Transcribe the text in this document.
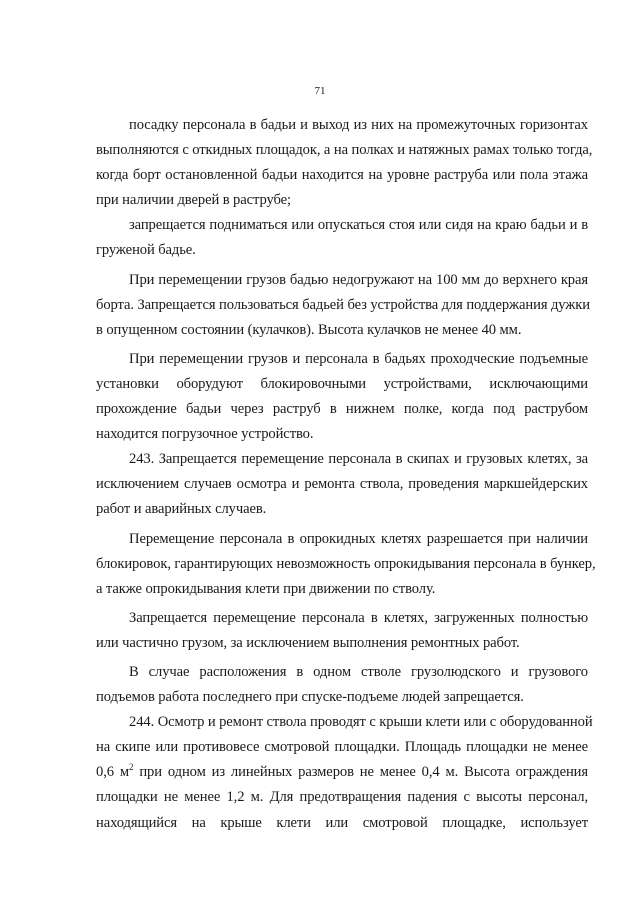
71
посадку персонала в бадьи и выход из них на промежуточных горизонтах
выполняются с откидных площадок, а на полках и натяжных рамах только тогда,
когда борт остановленной бадьи находится на уровне раструба или пола этажа
при наличии дверей в раструбе;
запрещается подниматься или опускаться стоя или сидя на краю бадьи и в
груженой бадье.
При перемещении грузов бадью недогружают на 100 мм до верхнего края
борта. Запрещается пользоваться бадьей без устройства для поддержания дужки
в опущенном состоянии (кулачков). Высота кулачков не менее 40 мм.
При перемещении грузов и персонала в бадьях проходческие подъемные
установки оборудуют блокировочными устройствами, исключающими
прохождение бадьи через раструб в нижнем полке, когда под раструбом
находится погрузочное устройство.
243. Запрещается перемещение персонала в скипах и грузовых клетях, за
исключением случаев осмотра и ремонта ствола, проведения маркшейдерских
работ и аварийных случаев.
Перемещение персонала в опрокидных клетях разрешается при наличии
блокировок, гарантирующих невозможность опрокидывания персонала в бункер,
а также опрокидывания клети при движении по стволу.
Запрещается перемещение персонала в клетях, загруженных полностью
или частично грузом, за исключением выполнения ремонтных работ.
В случае расположения в одном стволе грузолюдского и грузового
подъемов работа последнего при спуске-подъеме людей запрещается.
244. Осмотр и ремонт ствола проводят с крыши клети или с оборудованной
на скипе или противовесе смотровой площадки. Площадь площадки не менее
0,6 $м^2$ при одном из линейных размеров не менее 0,4 м. Высота ограждения
площадки не менее 1,2 м. Для предотвращения падения с высоты персонал,
находящийся на крыше клети или смотровой площадке, использует
